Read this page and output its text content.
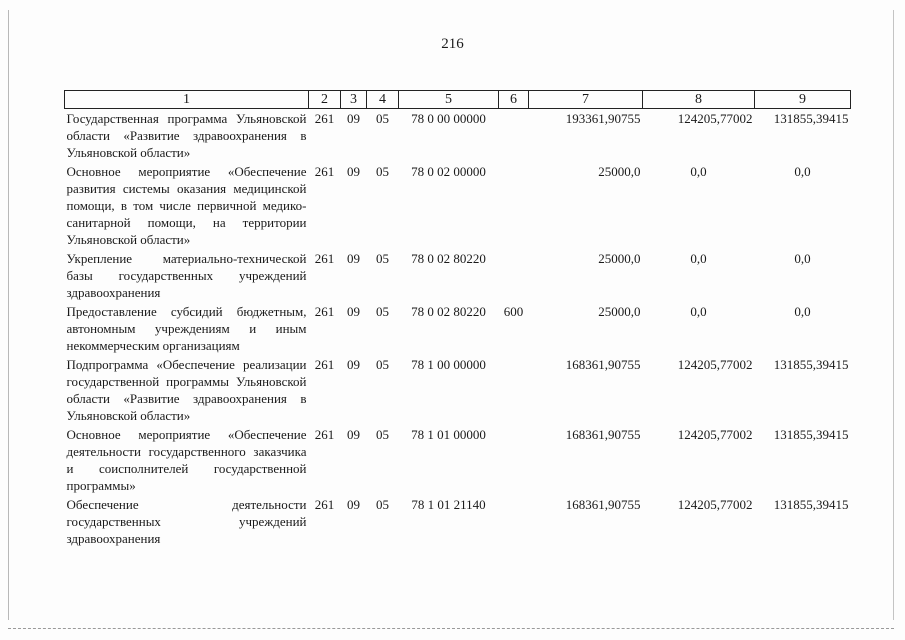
216
1	2	3	4	5	6	7	8	9
Государственная программа Ульяновской области «Развитие здравоохранения в Ульяновской области»	261	09	05	78 0 00 00000		193361,90755	124205,77002	131855,39415
Основное мероприятие «Обеспечение развития системы оказания медицинской помощи, в том числе первичной медико-санитарной помощи, на территории Ульяновской области»	261	09	05	78 0 02 00000		25000,0	0,0	0,0
Укрепление материально-технической базы государственных учреждений здравоохранения	261	09	05	78 0 02 80220		25000,0	0,0	0,0
Предоставление субсидий бюджетным, автономным учреждениям и иным некоммерческим организациям	261	09	05	78 0 02 80220	600	25000,0	0,0	0,0
Подпрограмма «Обеспечение реализации государственной программы Ульяновской области «Развитие здравоохранения в Ульяновской области»	261	09	05	78 1 00 00000		168361,90755	124205,77002	131855,39415
Основное мероприятие «Обеспечение деятельности государственного заказчика и соисполнителей государственной программы»	261	09	05	78 1 01 00000		168361,90755	124205,77002	131855,39415
Обеспечение деятельности государственных учреждений здравоохранения	261	09	05	78 1 01 21140		168361,90755	124205,77002	131855,39415
